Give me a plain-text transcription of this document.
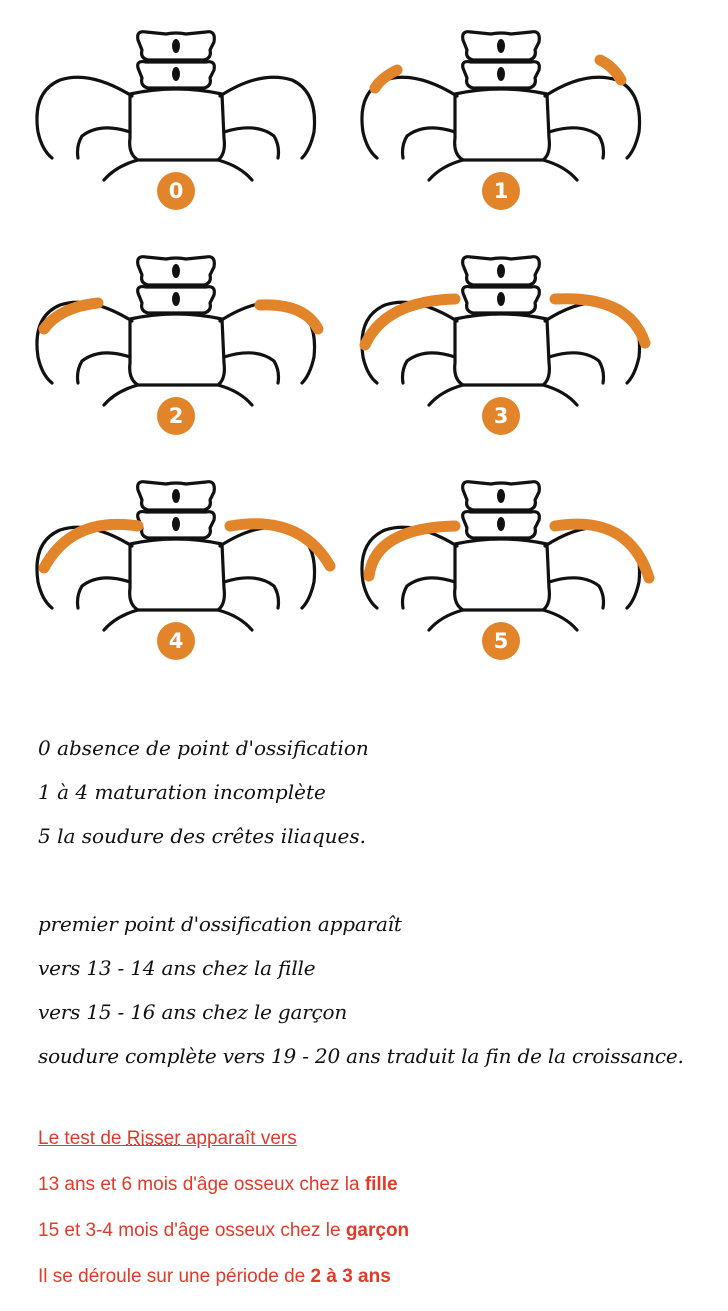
0	1
2	3
4	5
0 absence de point d'ossification
1 à 4 maturation incomplète
5 la soudure des crêtes iliaques.
premier point d'ossification apparaît
vers 13 - 14 ans chez la fille
vers 15 - 16 ans chez le garçon
soudure complète vers 19 - 20 ans traduit la fin de la croissance.
Le test de Risser apparaît vers
13 ans et 6 mois d'âge osseux chez la fille
15 et 3-4 mois d'âge osseux chez le garçon
Il se déroule sur une période de 2 à 3 ans
